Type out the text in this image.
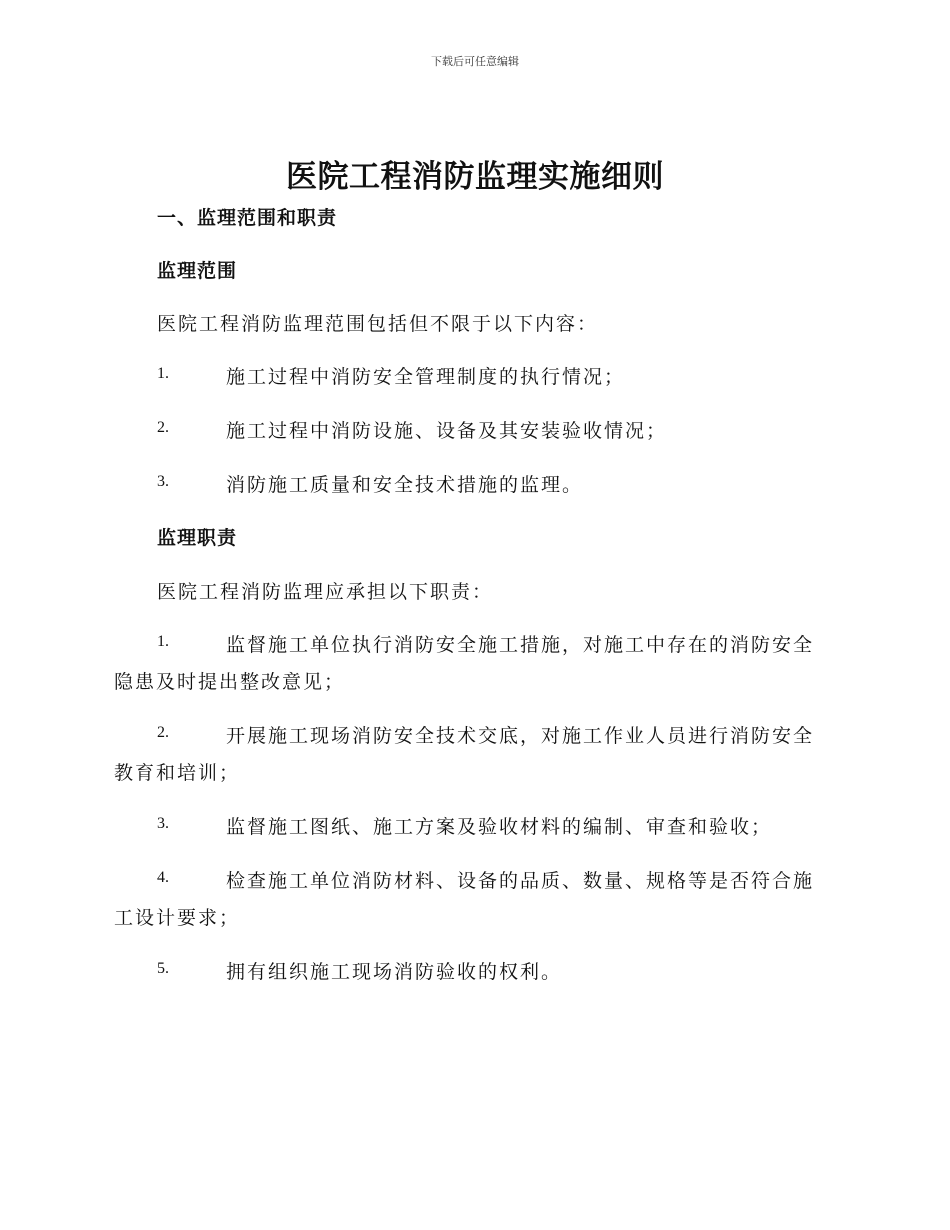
下载后可任意编辑
医院工程消防监理实施细则
一、监理范围和职责
监理范围
医院工程消防监理范围包括但不限于以下内容：
1.	施工过程中消防安全管理制度的执行情况；
2.	施工过程中消防设施、设备及其安装验收情况；
3.	消防施工质量和安全技术措施的监理。
监理职责
医院工程消防监理应承担以下职责：
1.	监督施工单位执行消防安全施工措施，对施工中存在的消防安全
隐患及时提出整改意见；
2.	开展施工现场消防安全技术交底，对施工作业人员进行消防安全
教育和培训；
3.	监督施工图纸、施工方案及验收材料的编制、审查和验收；
4.	检查施工单位消防材料、设备的品质、数量、规格等是否符合施
工设计要求；
5.	拥有组织施工现场消防验收的权利。
